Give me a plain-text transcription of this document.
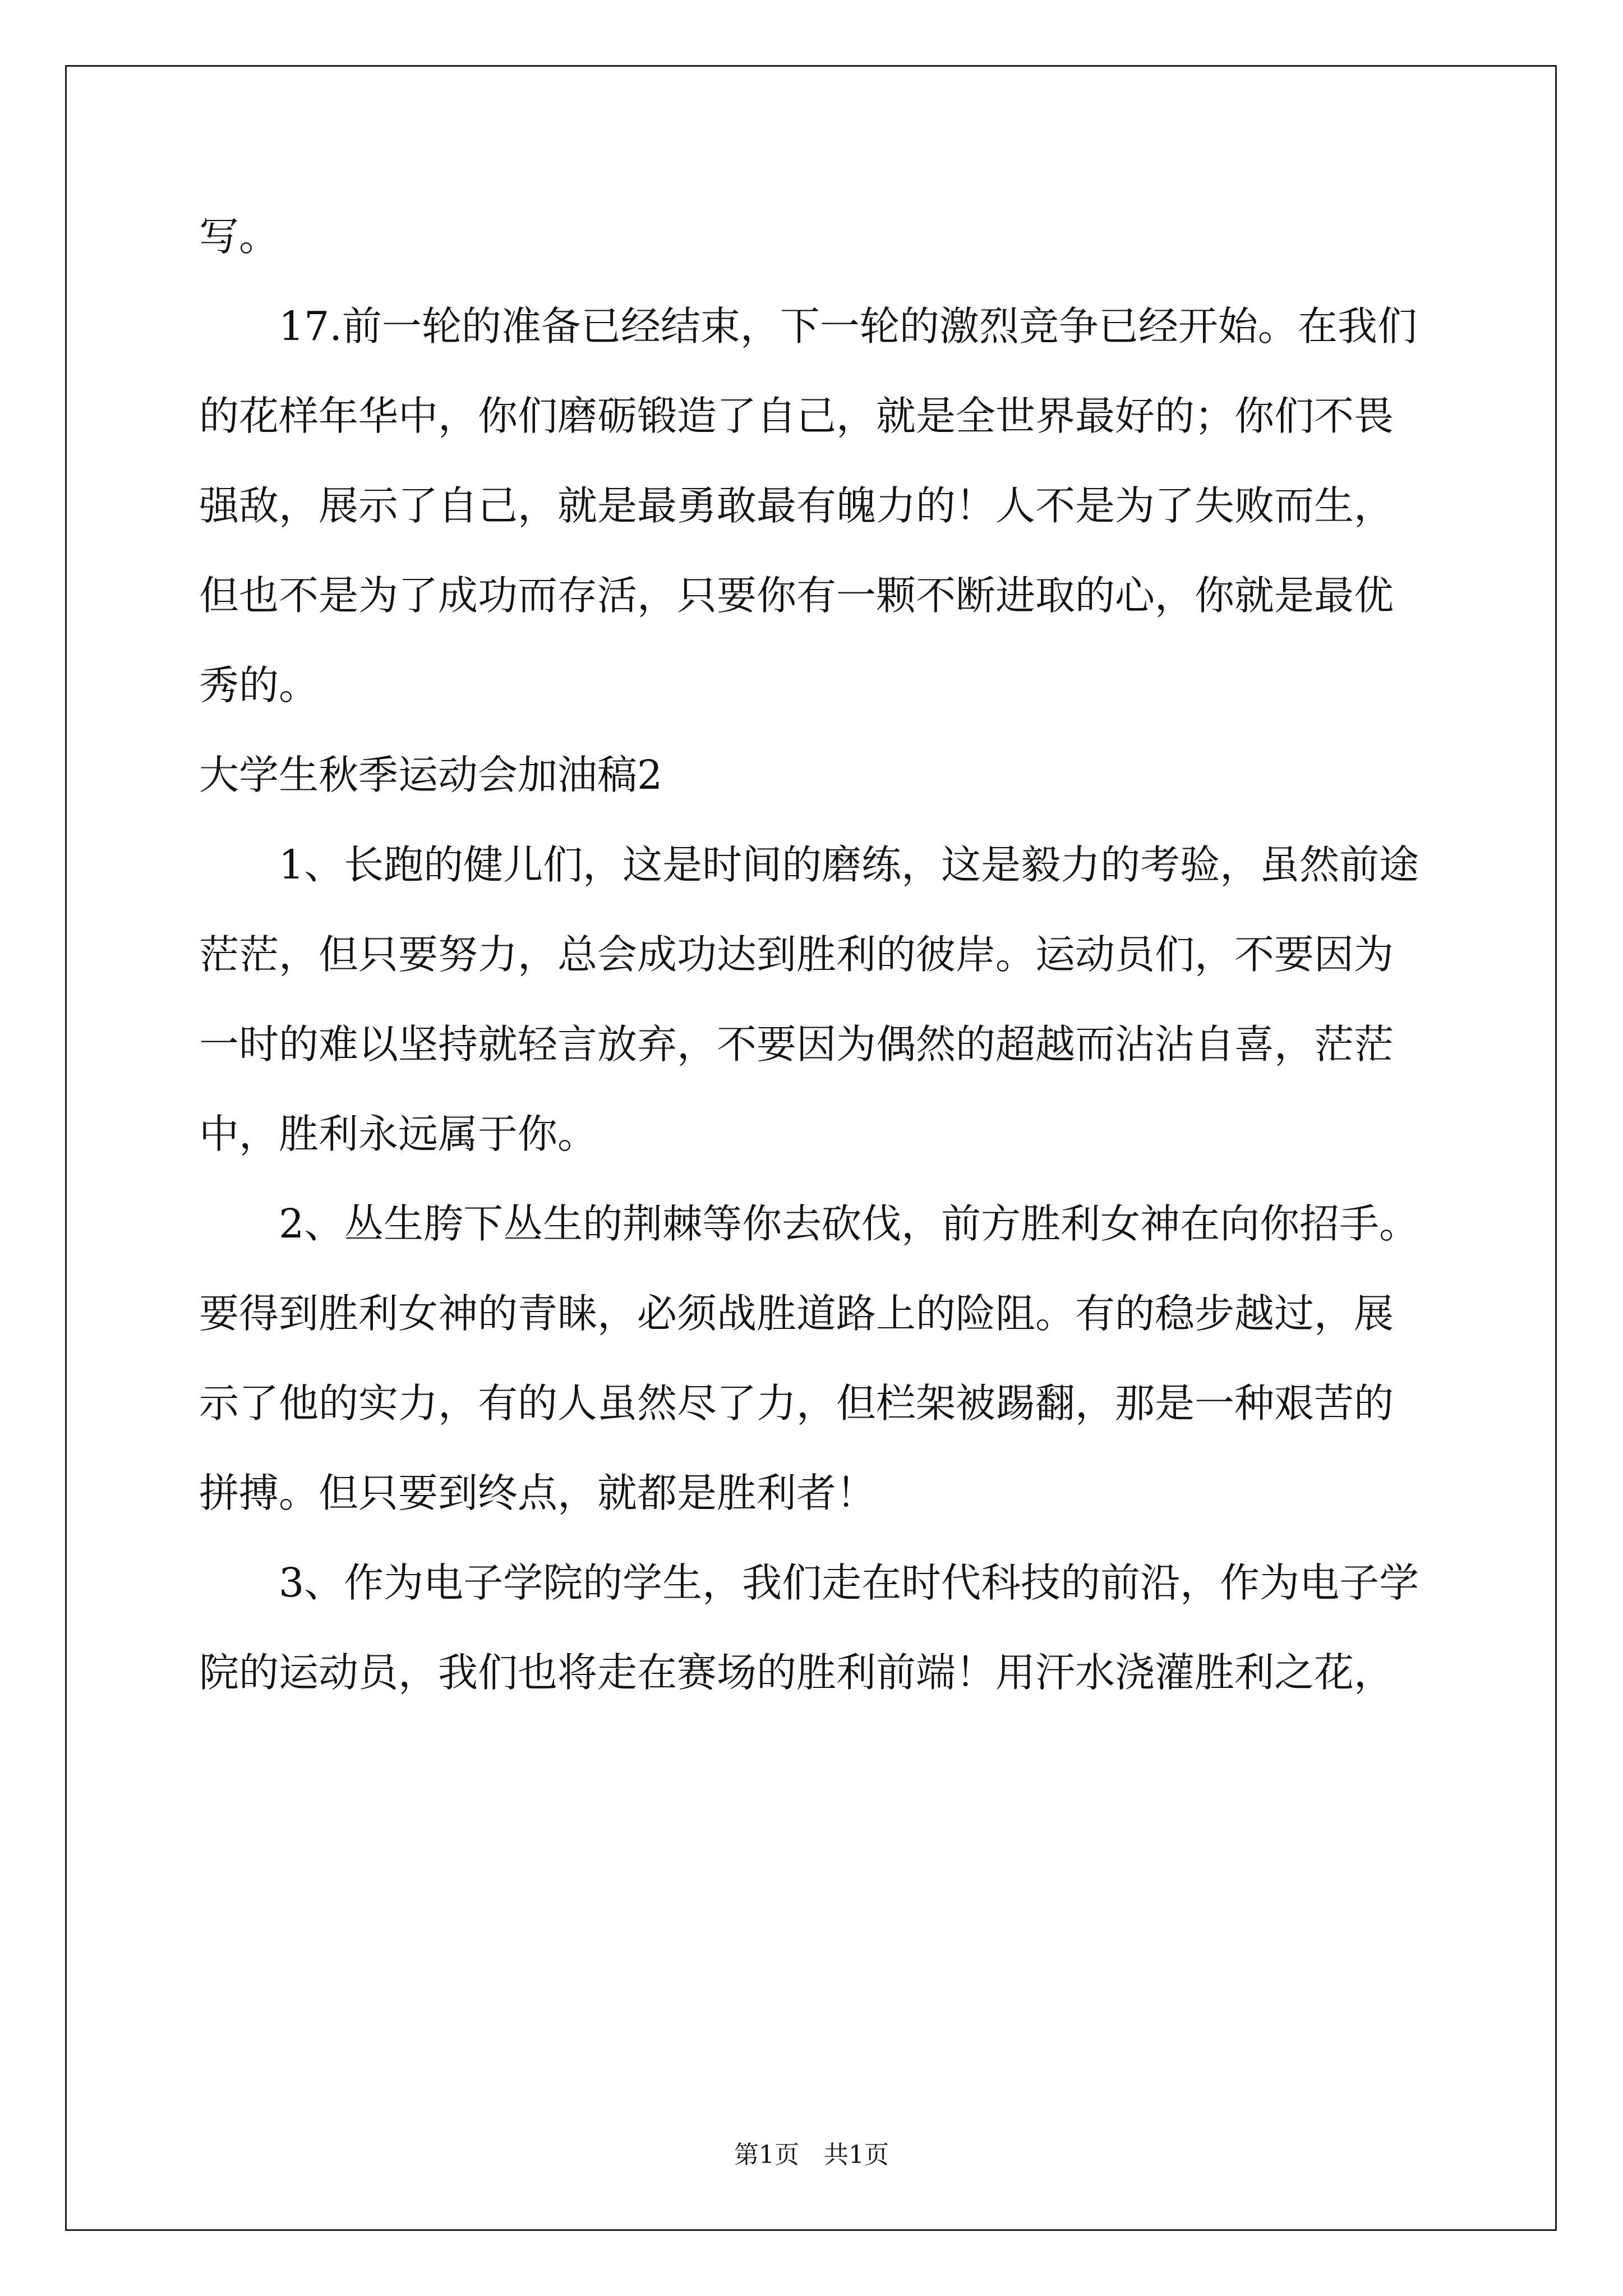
写。
　　17.前一轮的准备已经结束，下一轮的激烈竞争已经开始。在我们
的花样年华中，你们磨砺锻造了自己，就是全世界最好的；你们不畏
强敌，展示了自己，就是最勇敢最有魄力的！人不是为了失败而生，
但也不是为了成功而存活，只要你有一颗不断进取的心，你就是最优
秀的。
大学生秋季运动会加油稿2
　　1、长跑的健儿们，这是时间的磨练，这是毅力的考验，虽然前途
茫茫，但只要努力，总会成功达到胜利的彼岸。运动员们，不要因为
一时的难以坚持就轻言放弃，不要因为偶然的超越而沾沾自喜，茫茫
中，胜利永远属于你。
　　2、丛生胯下丛生的荆棘等你去砍伐，前方胜利女神在向你招手。
要得到胜利女神的青睐，必须战胜道路上的险阻。有的稳步越过，展
示了他的实力，有的人虽然尽了力，但栏架被踢翻，那是一种艰苦的
拼搏。但只要到终点，就都是胜利者！
　　3、作为电子学院的学生，我们走在时代科技的前沿，作为电子学
院的运动员，我们也将走在赛场的胜利前端！用汗水浇灌胜利之花，
第1页　共1页
